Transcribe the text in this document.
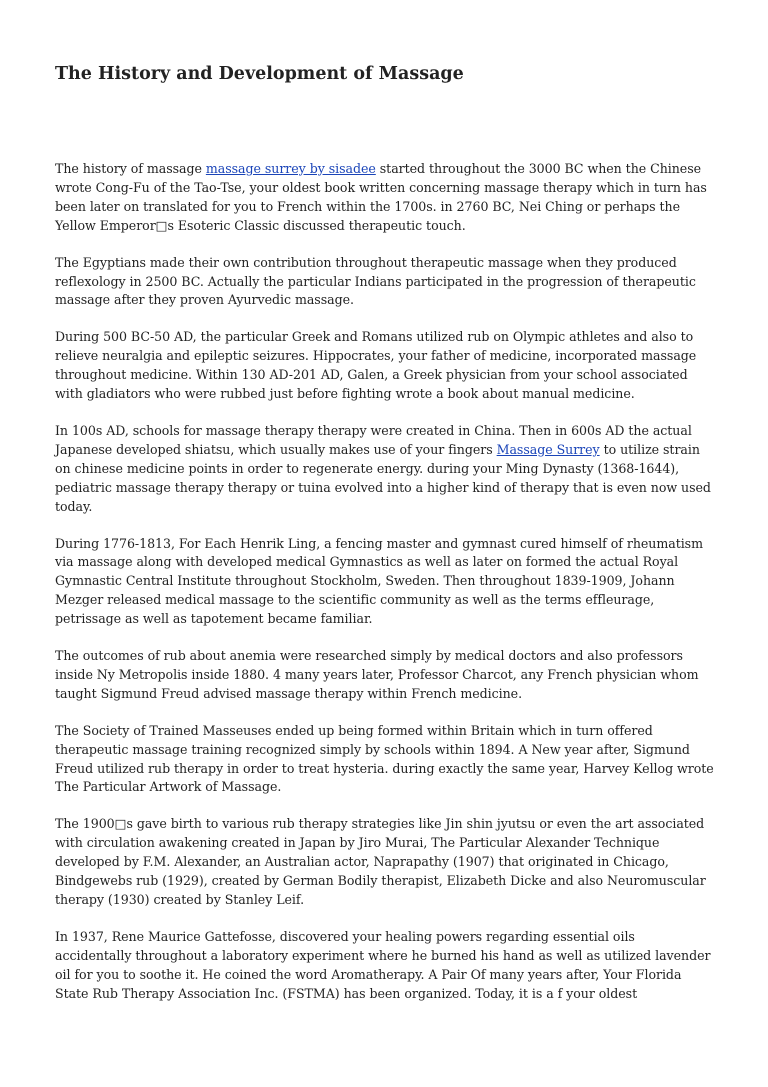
The History and Development of Massage

The history of massage massage surrey by sisadee started throughout the 3000 BC when the Chinese wrote Cong-Fu of the Tao-Tse, your oldest book written concerning massage therapy which in turn has been later on translated for you to French within the 1700s. in 2760 BC, Nei Ching or perhaps the Yellow Emperor□s Esoteric Classic discussed therapeutic touch.

The Egyptians made their own contribution throughout therapeutic massage when they produced reflexology in 2500 BC. Actually the particular Indians participated in the progression of therapeutic massage after they proven Ayurvedic massage.

During 500 BC-50 AD, the particular Greek and Romans utilized rub on Olympic athletes and also to relieve neuralgia and epileptic seizures. Hippocrates, your father of medicine, incorporated massage throughout medicine. Within 130 AD-201 AD, Galen, a Greek physician from your school associated with gladiators who were rubbed just before fighting wrote a book about manual medicine.

In 100s AD, schools for massage therapy therapy were created in China. Then in 600s AD the actual Japanese developed shiatsu, which usually makes use of your fingers Massage Surrey to utilize strain on chinese medicine points in order to regenerate energy. during your Ming Dynasty (1368-1644), pediatric massage therapy therapy or tuina evolved into a higher kind of therapy that is even now used today.

During 1776-1813, For Each Henrik Ling, a fencing master and gymnast cured himself of rheumatism via massage along with developed medical Gymnastics as well as later on formed the actual Royal Gymnastic Central Institute throughout Stockholm, Sweden. Then throughout 1839-1909, Johann Mezger released medical massage to the scientific community as well as the terms effleurage, petrissage as well as tapotement became familiar.

The outcomes of rub about anemia were researched simply by medical doctors and also professors inside Ny Metropolis inside 1880. 4 many years later, Professor Charcot, any French physician whom taught Sigmund Freud advised massage therapy within French medicine.

The Society of Trained Masseuses ended up being formed within Britain which in turn offered therapeutic massage training recognized simply by schools within 1894. A New year after, Sigmund Freud utilized rub therapy in order to treat hysteria. during exactly the same year, Harvey Kellog wrote The Particular Artwork of Massage.

The 1900□s gave birth to various rub therapy strategies like Jin shin jyutsu or even the art associated with circulation awakening created in Japan by Jiro Murai, The Particular Alexander Technique developed by F.M. Alexander, an Australian actor, Naprapathy (1907) that originated in Chicago, Bindgewebs rub (1929), created by German Bodily therapist, Elizabeth Dicke and also Neuromuscular therapy (1930) created by Stanley Leif.

In 1937, Rene Maurice Gattefosse, discovered your healing powers regarding essential oils accidentally throughout a laboratory experiment where he burned his hand as well as utilized lavender oil for you to soothe it. He coined the word Aromatherapy. A Pair Of many years after, Your Florida State Rub Therapy Association Inc. (FSTMA) has been organized. Today, it is a f your oldest
